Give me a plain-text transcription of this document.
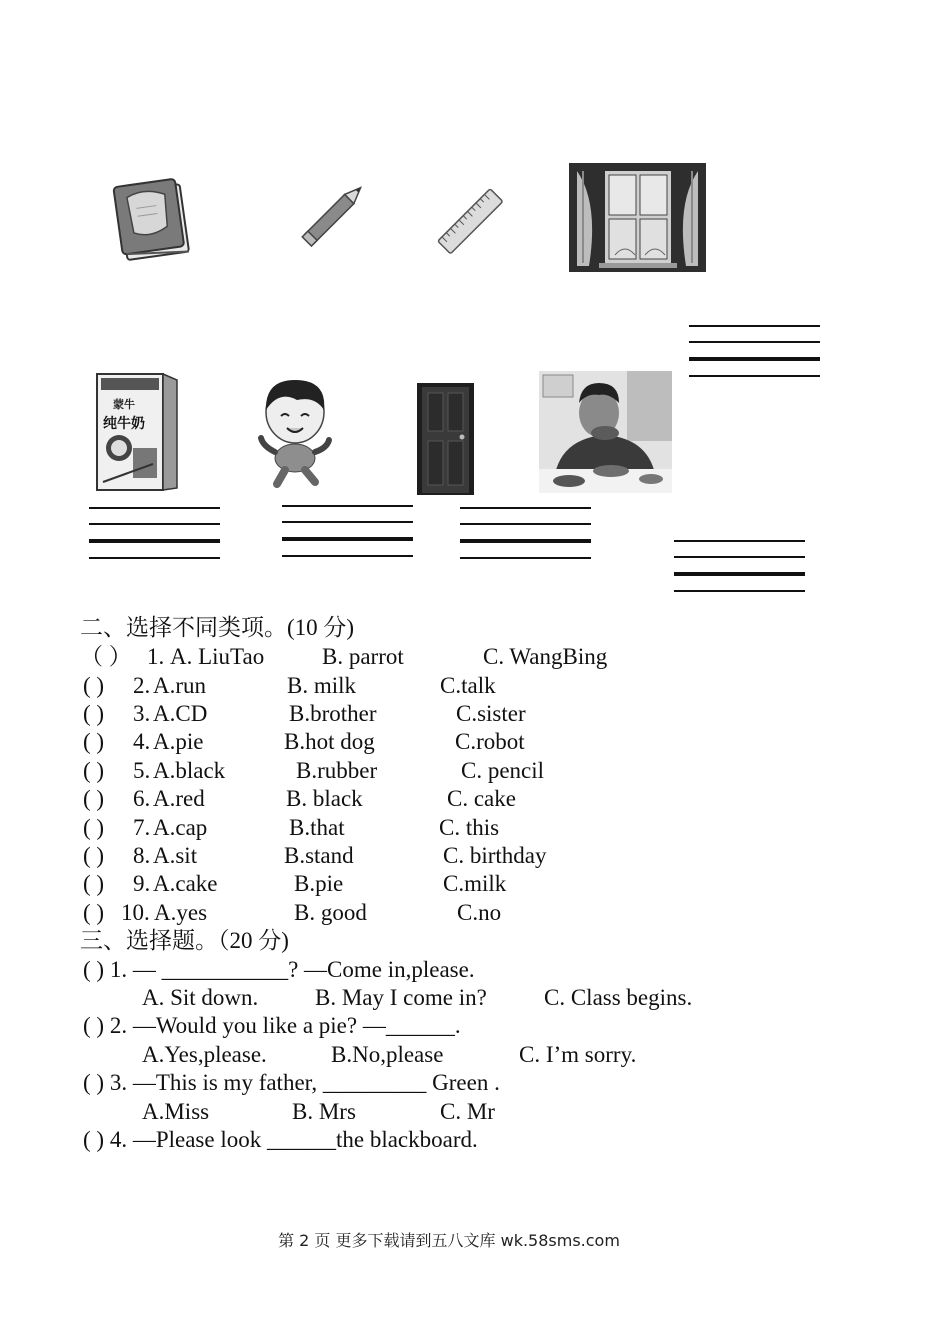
蒙牛
纯牛奶
二、选择不同类项。(10 分)
（ ） 1. A. LiuTao	B. parrot	C. WangBing
( ) 2. A.run	B. milk	C.talk
( ) 3. A.CD	B.brother	C.sister
( ) 4. A.pie	B.hot dog	C.robot
( ) 5. A.black	B.rubber	C. pencil
( ) 6. A.red	B. black	C. cake
( ) 7. A.cap	B.that	C. this
( ) 8. A.sit	B.stand	C. birthday
( ) 9. A.cake	B.pie	C.milk
( ) 10. A.yes	B. good	C.no
三、选择题。（20 分)
( ) 1. — ___________? —Come in,please.
A. Sit down. B. May I come in? C. Class begins.
( ) 2. —Would you like a pie? —______.
A.Yes,please.	B.No,please	C. I’m sorry.
( ) 3. —This is my father, _________ Green .
A.Miss	B. Mrs	C. Mr
( ) 4. —Please look ______the blackboard.
第 2 页 更多下载请到五八文库 wk.58sms.com
